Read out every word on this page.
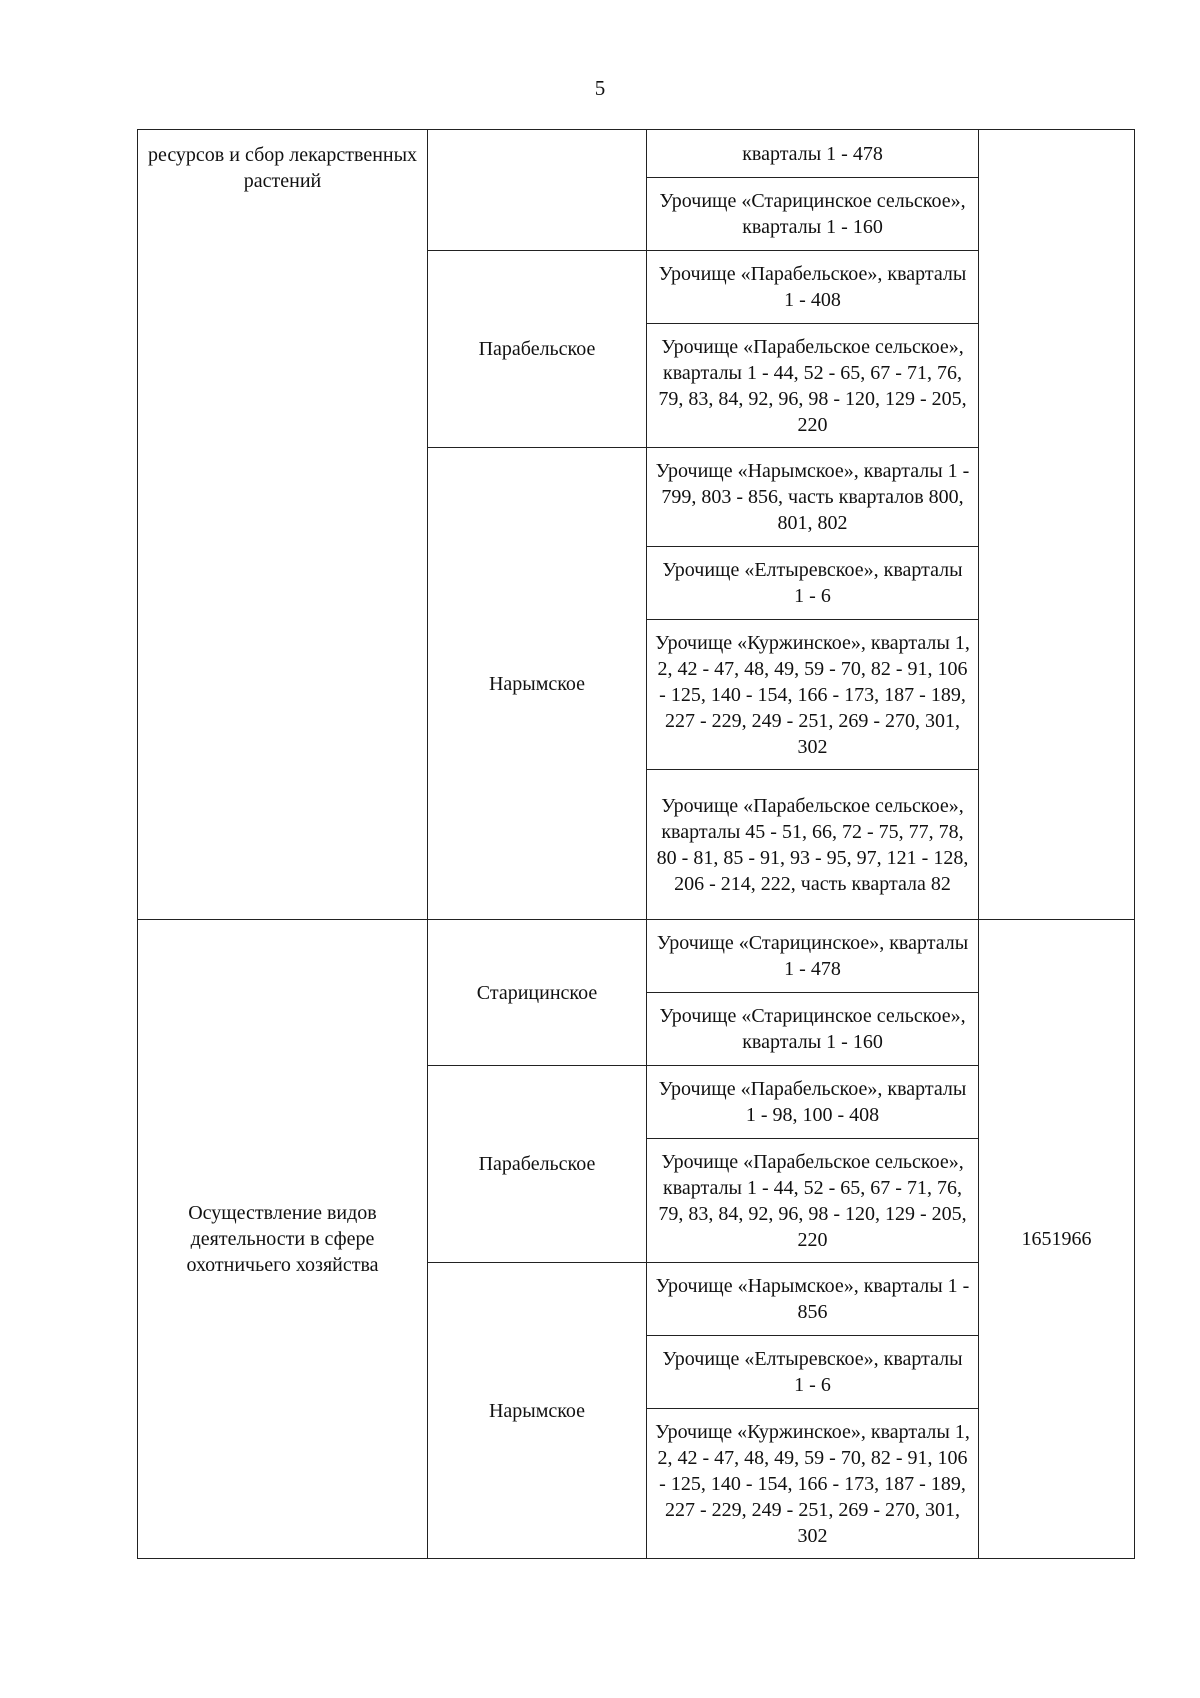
5
ресурсов и сбор лекарственных растений		кварталы 1 - 478	
		Урочище «Старицинское сельское», кварталы 1 - 160	
	Парабельское	Урочище «Парабельское», кварталы 1 - 408	
		Урочище «Парабельское сельское», кварталы 1 - 44, 52 - 65, 67 - 71, 76, 79, 83, 84, 92, 96, 98 - 120, 129 - 205, 220	
	Нарымское	Урочище «Нарымское», кварталы 1 - 799, 803 - 856, часть кварталов 800, 801, 802	
		Урочище «Елтыревское», кварталы 1 - 6	
		Урочище «Куржинское», кварталы 1, 2, 42 - 47, 48, 49, 59 - 70, 82 - 91, 106 - 125, 140 - 154, 166 - 173, 187 - 189, 227 - 229, 249 - 251, 269 - 270, 301, 302	
		Урочище «Парабельское сельское», кварталы 45 - 51, 66, 72 - 75, 77, 78, 80 - 81, 85 - 91, 93 - 95, 97, 121 - 128, 206 - 214, 222, часть квартала 82	
Осуществление видов деятельности в сфере охотничьего хозяйства	Старицинское	Урочище «Старицинское», кварталы 1 - 478	1651966
		Урочище «Старицинское сельское», кварталы 1 - 160	
	Парабельское	Урочище «Парабельское», кварталы 1 - 98, 100 - 408	
		Урочище «Парабельское сельское», кварталы 1 - 44, 52 - 65, 67 - 71, 76, 79, 83, 84, 92, 96, 98 - 120, 129 - 205, 220	
	Нарымское	Урочище «Нарымское», кварталы 1 - 856	
		Урочище «Елтыревское», кварталы 1 - 6	
		Урочище «Куржинское», кварталы 1, 2, 42 - 47, 48, 49, 59 - 70, 82 - 91, 106 - 125, 140 - 154, 166 - 173, 187 - 189, 227 - 229, 249 - 251, 269 - 270, 301, 302	
